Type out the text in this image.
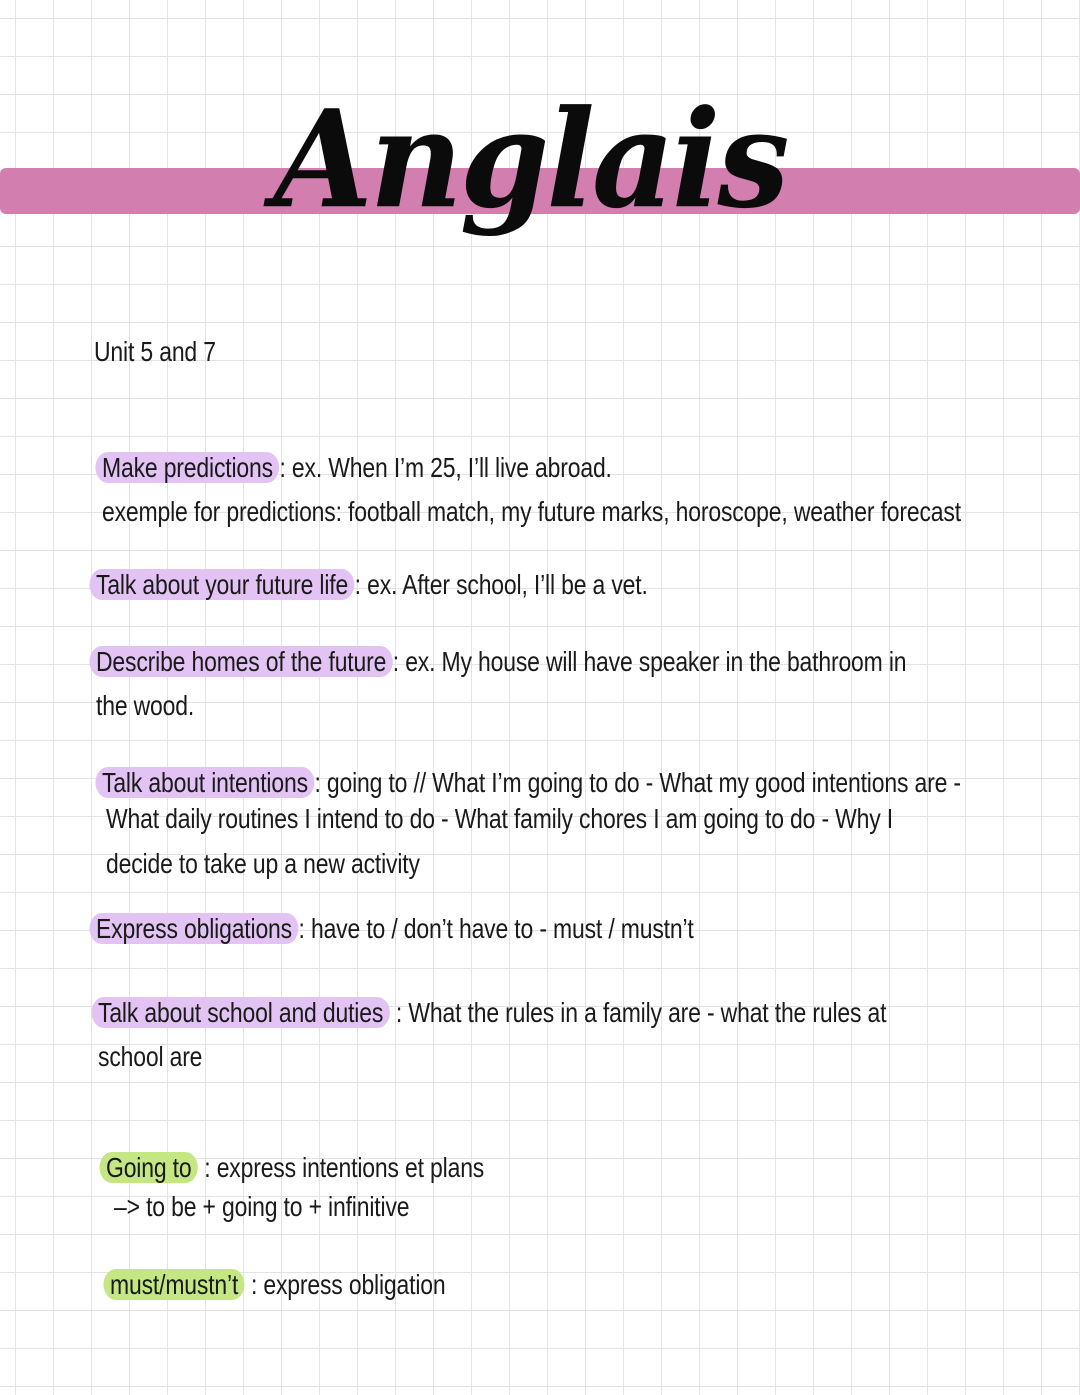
Anglais

Unit 5 and 7

Make predictions : ex. When I’m 25, I’ll live abroad.

exemple for predictions: football match, my future marks, horoscope, weather forecast

Talk about your future life : ex. After school, I’ll be a vet.

Describe homes of the future : ex. My house will have speaker in the bathroom in

the wood.

Talk about intentions : going to // What I’m going to do - What my good intentions are -

What daily routines I intend to do - What family chores I am going to do - Why I

decide to take up a new activity

Express obligations : have to / don’t have to - must / mustn’t

Talk about school and duties : What the rules in a family are - what the rules at

school are

Going to : express intentions et plans

–> to be + going to + infinitive

must/mustn’t : express obligation
